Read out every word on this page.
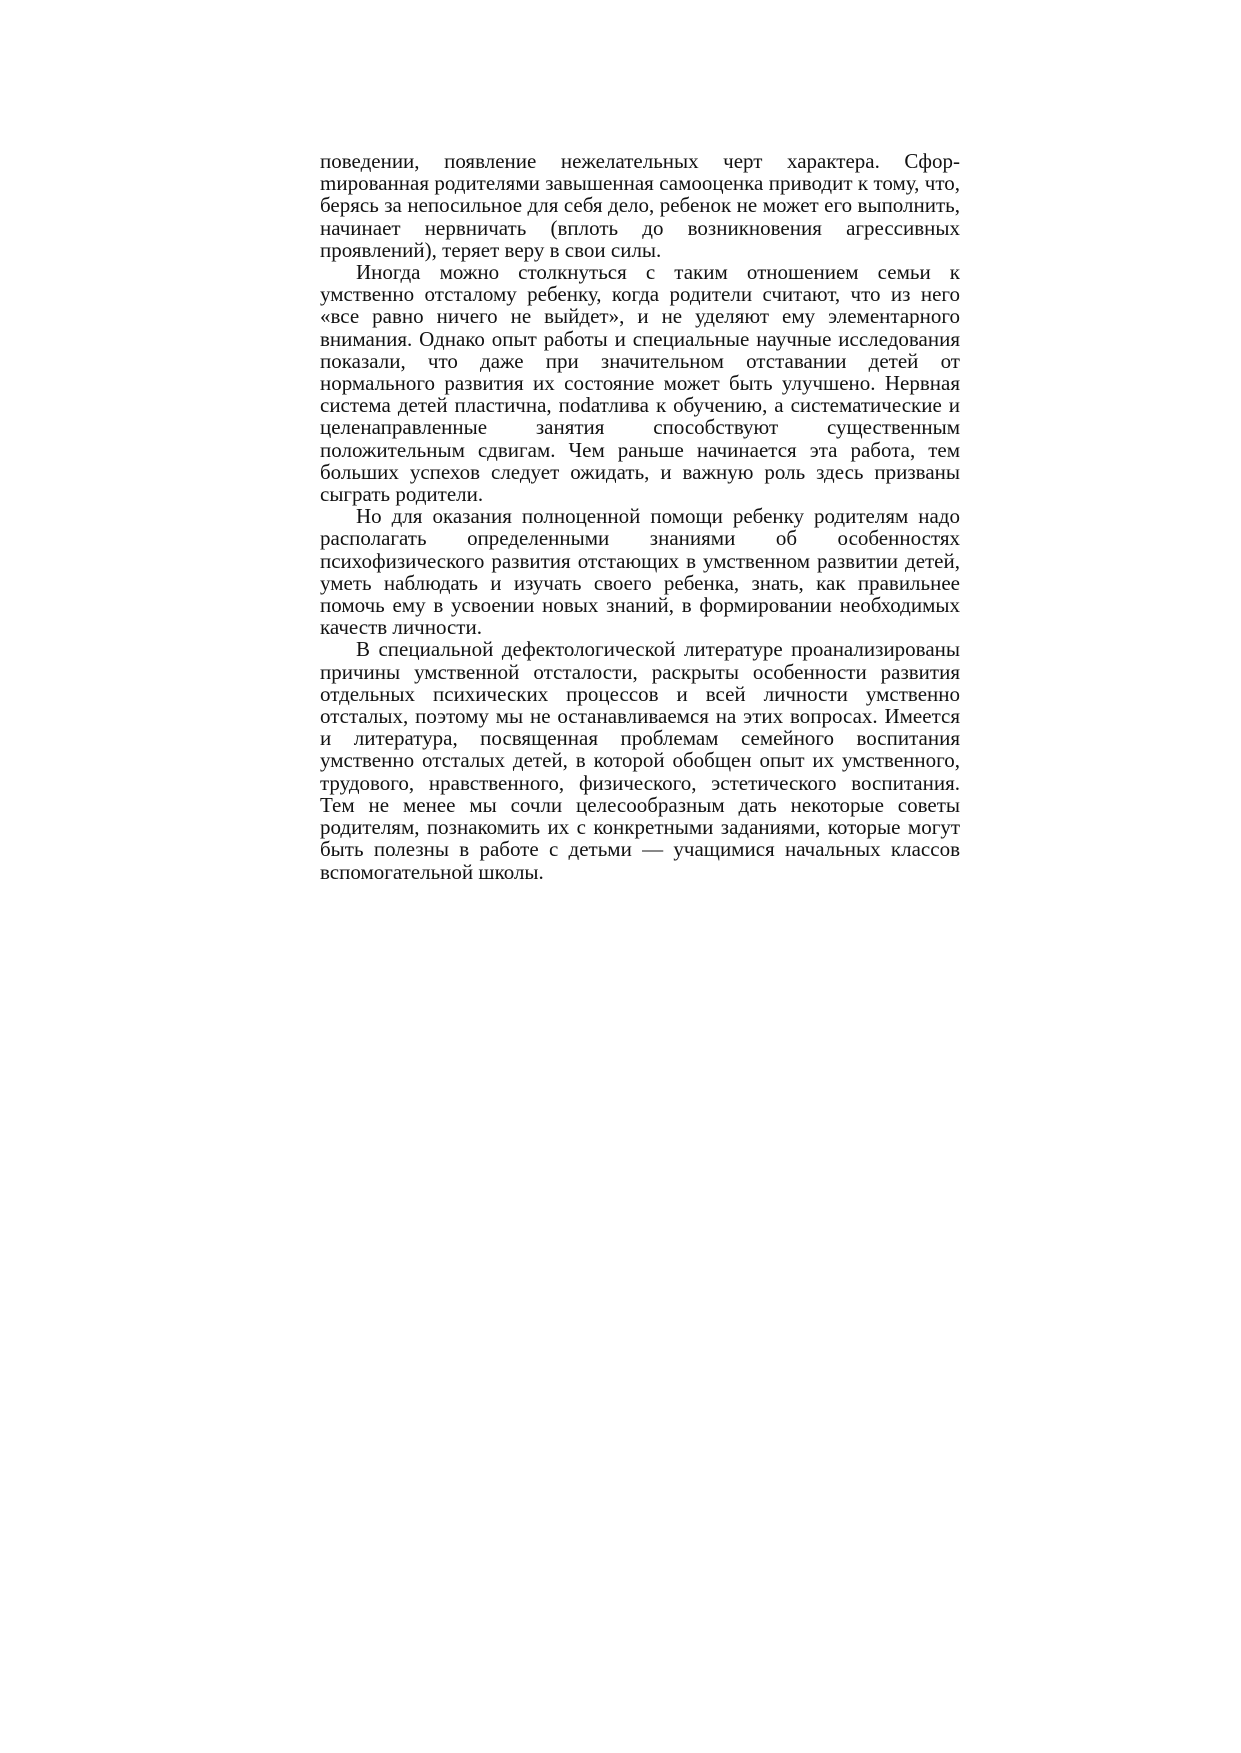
поведении, появление нежелательных черт характера. Сфорmированная родителями завышенная самооценка приводит к тому, что, берясь за непосильное для себя дело, ребенок не может его выполнить, начинает нервничать (вплоть до возникновения агрессивных проявлений), теряет веру в свои силы.

Иногда можно столкнуться с таким отношением семьи к умственно отсталому ребенку, когда родители считают, что из него «все равно ничего не выйдет», и не уделяют ему элементарного внимания. Однако опыт работы и специальные научные исследования показали, что даже при значительном отставании детей от нормального развития их состояние может быть улучшено. Нервная система детей пластична, поdатлива к обучению, а систематические и целенаправленные занятия способствуют существенным положительным сдвигам. Чем раньше начинается эта работа, тем больших успехов следует ожидать, и важную роль здесь призваны сыграть родители.

Но для оказания полноценной помощи ребенку родителям надо располагать определенными знаниями об особенностях психофизического развития отстающих в умственном развитии детей, уметь наблюдать и изучать своего ребенка, знать, как правильнее помочь ему в усвоении новых знаний, в формировании необходимых качеств личности.

В специальной дефектологической литературе проанализированы причины умственной отсталости, раскрыты особенности развития отдельных психических процессов и всей личности умственно отсталых, поэтому мы не останавливаемся на этих вопросах. Имеется и литература, посвященная проблемам семейного воспитания умственно отсталых детей, в которой обобщен опыт их умственного, трудового, нравственного, физического, эстетического воспитания. Тем не менее мы сочли целесообразным дать некоторые советы родителям, познакомить их с конкретными заданиями, которые могут быть полезны в работе с детьми — учащимися начальных классов вспомогательной школы.
